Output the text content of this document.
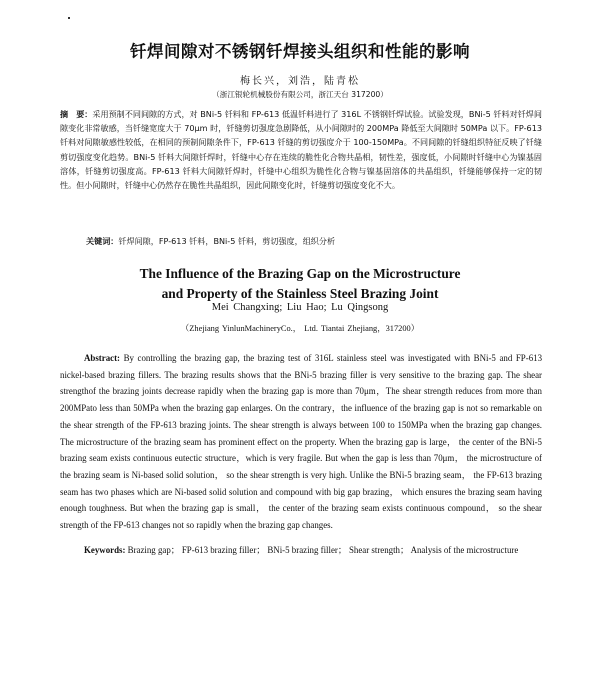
钎焊间隙对不锈钢钎焊接头组织和性能的影响
梅长兴，刘浩，陆青松
（浙江银轮机械股份有限公司，浙江天台 317200）
摘　要：采用预制不同间隙的方式，对 BNi-5 钎料和 FP-613 低温钎料进行了 316L 不锈钢钎焊试验。试验发现，BNi-5 钎料对钎焊间隙变化非常敏感，当钎缝宽度大于 70μm 时，钎缝剪切强度急剧降低，从小间隙时的 200MPa 降低至大间隙时 50MPa 以下。FP-613 钎料对间隙敏感性较低，在相同的预制间隙条件下，FP-613 钎缝的剪切强度介于 100-150MPa。不同间隙的钎缝组织特征反映了钎缝剪切强度变化趋势。BNi-5 钎料大间隙钎焊时，钎缝中心存在连续的脆性化合物共晶相，韧性差，强度低，小间隙时钎缝中心为镍基固溶体，钎缝剪切强度高。FP-613 钎料大间隙钎焊时，钎缝中心组织为脆性化合物与镍基固溶体的共晶组织，钎缝能够保持一定的韧性。但小间隙时，钎缝中心仍然存在脆性共晶组织，因此间隙变化时，钎缝剪切强度变化不大。
关键词：钎焊间隙，FP-613 钎料，BNi-5 钎料，剪切强度，组织分析
The Influence of the Brazing Gap on the Microstructure
and Property of the Stainless Steel Brazing Joint
Mei Changxing; Liu Hao; Lu Qingsong
（Zhejiang YinlunMachineryCo.， Ltd. Tiantai Zhejiang，317200）
Abstract: By controlling the brazing gap, the brazing test of 316L stainless steel was investigated with BNi-5 and FP-613 nickel-based brazing fillers. The brazing results shows that the BNi-5 brazing filler is very sensitive to the brazing gap. The shear strengthof the brazing joints decrease rapidly when the brazing gap is more than 70μm，The shear strength reduces from more than 200MPato less than 50MPa when the brazing gap enlarges. On the contrary，the influence of the brazing gap is not so remarkable on the shear strength of the FP-613 brazing joints. The shear strength is always between 100 to 150MPa when the brazing gap changes. The microstructure of the brazing seam has prominent effect on the property. When the brazing gap is large， the center of the BNi-5 brazing seam exists continuous eutectic structure，which is very fragile. But when the gap is less than 70μm， the microstructure of the brazing seam is Ni-based solid solution， so the shear strength is very high. Unlike the BNi-5 brazing seam， the FP-613 brazing seam has two phases which are Ni-based solid solution and compound with big gap brazing， which ensures the brazing seam having enough toughness. But when the brazing gap is small， the center of the brazing seam exists continuous compound， so the shear strength of the FP-613 changes not so rapidly when the brazing gap changes.
Keywords: Brazing gap； FP-613 brazing filler； BNi-5 brazing filler； Shear strength； Analysis of the microstructure
